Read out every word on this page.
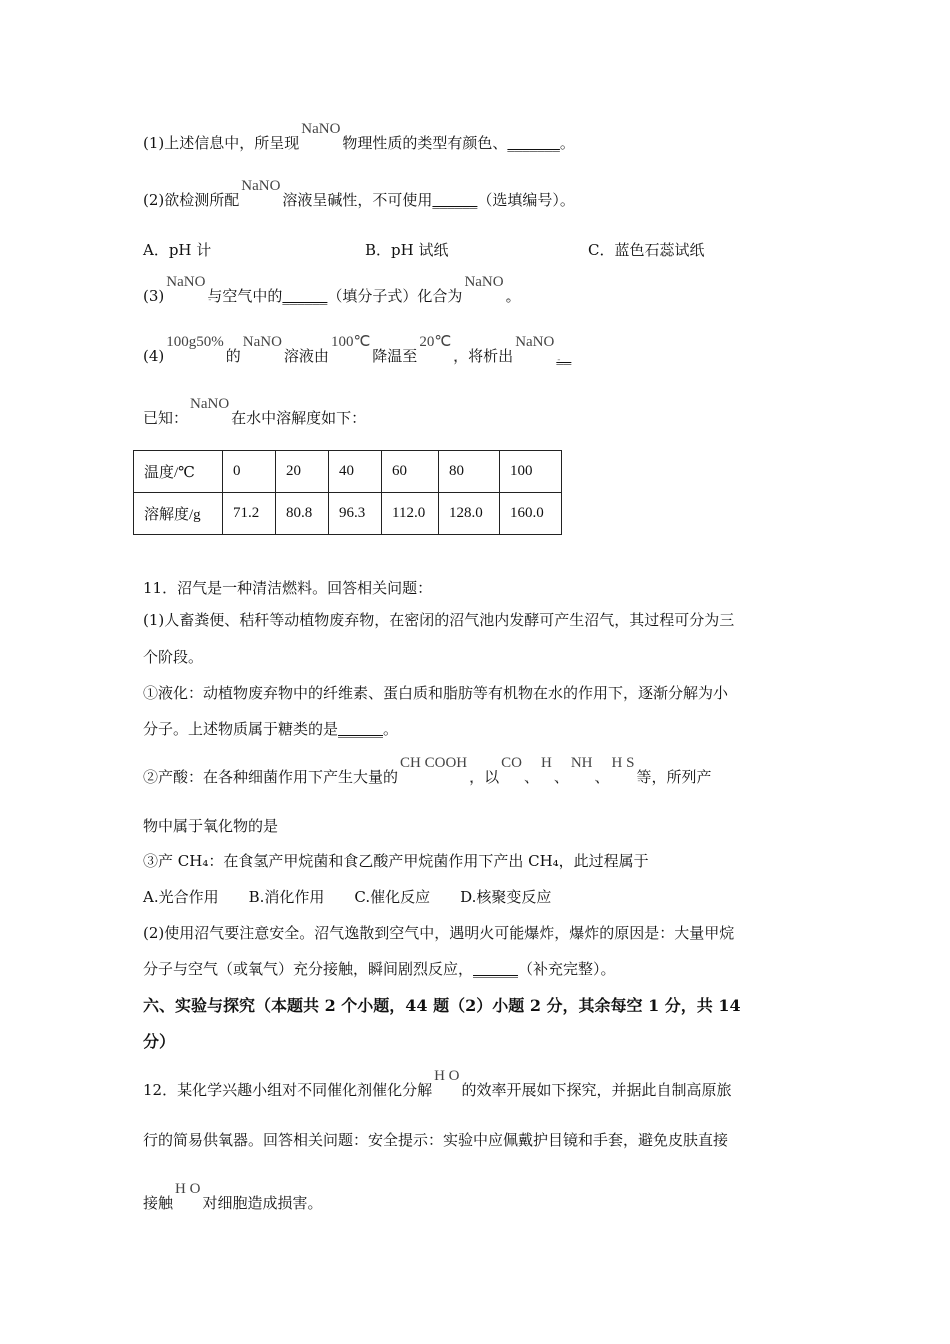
B．pH 试纸	C．蓝色石蕊试纸
温度/℃	0	20	40	60	80	100
溶解度/g	71.2	80.8	96.3	112.0	128.0	160.0
(1)上述信息中，所呈现NaNO -物理性质的类型有颜色、_______。
(2)欲检测所配NaNO -溶液呈碱性，不可使用______（选填编号）。
A．pH 计
(3)NaNO -与空气中的______（填分子式）化合为NaNO -。
(4)100g50% -的NaNO -溶液由100℃ -降温至20℃ -，将析出NaNO -__
已知：NaNO -在水中溶解度如下：
11．沼气是一种清洁燃料。回答相关问题：
(1)人畜粪便、秸秆等动植物废弃物，在密闭的沼气池内发酵可产生沼气，其过程可分为三
个阶段。
①液化：动植物废弃物中的纤维素、蛋白质和脂肪等有机物在水的作用下，逐渐分解为小
分子。上述物质属于糖类的是______。
②产酸：在各种细菌作用下产生大量的CH COOH -，以CO -、H -、NH -、H S -等，所列产
物中属于氧化物的是
③产 CH₄：在食氢产甲烷菌和食乙酸产甲烷菌作用下产出 CH₄，此过程属于
A.光合作用　　B.消化作用　　C.催化反应　　D.核聚变反应
(2)使用沼气要注意安全。沼气逸散到空气中，遇明火可能爆炸，爆炸的原因是：大量甲烷
分子与空气（或氧气）充分接触，瞬间剧烈反应，______（补充完整）。
六、实验与探究（本题共 2 个小题，44 题（2）小题 2 分，其余每空 1 分，共 14
分）
12．某化学兴趣小组对不同催化剂催化分解H O -的效率开展如下探究，并据此自制高原旅
行的简易供氧器。回答相关问题：安全提示：实验中应佩戴护目镜和手套，避免皮肤直接
接触H O -对细胞造成损害。
